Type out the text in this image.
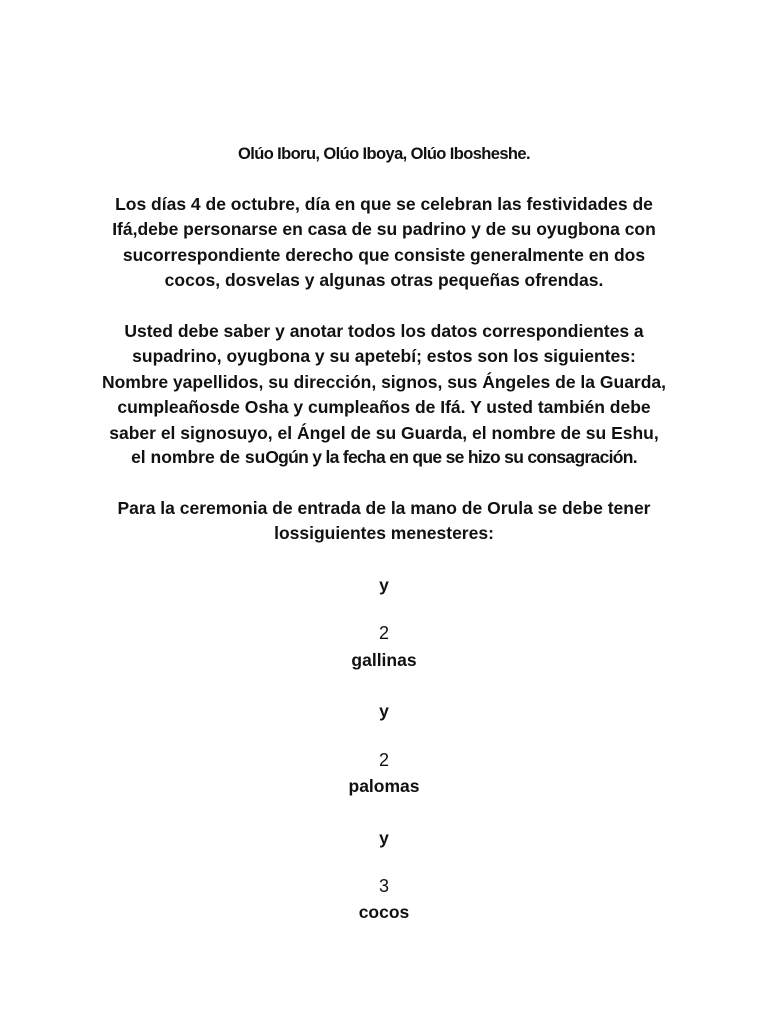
Olúo Iboru, Olúo Iboya, Olúo Ibosheshe.
Los días 4 de octubre, día en que se celebran las festividades de
Ifá,debe personarse en casa de su padrino y de su oyugbona con
sucorrespondiente derecho que consiste generalmente en dos
cocos, dosvelas y algunas otras pequeñas ofrendas.
Usted debe saber y anotar todos los datos correspondientes a
supadrino, oyugbona y su apetebí; estos son los siguientes:
Nombre yapellidos, su dirección, signos, sus Ángeles de la Guarda,
cumpleañosde Osha y cumpleaños de Ifá. Y usted también debe
saber el signosuyo, el Ángel de su Guarda, el nombre de su Eshu,
el nombre de suOgún y la fecha en que se hizo su consagración.
Para la ceremonia de entrada de la mano de Orula se debe tener
lossiguientes menesteres:
y
2
gallinas
y
2
palomas
y
3
cocos
